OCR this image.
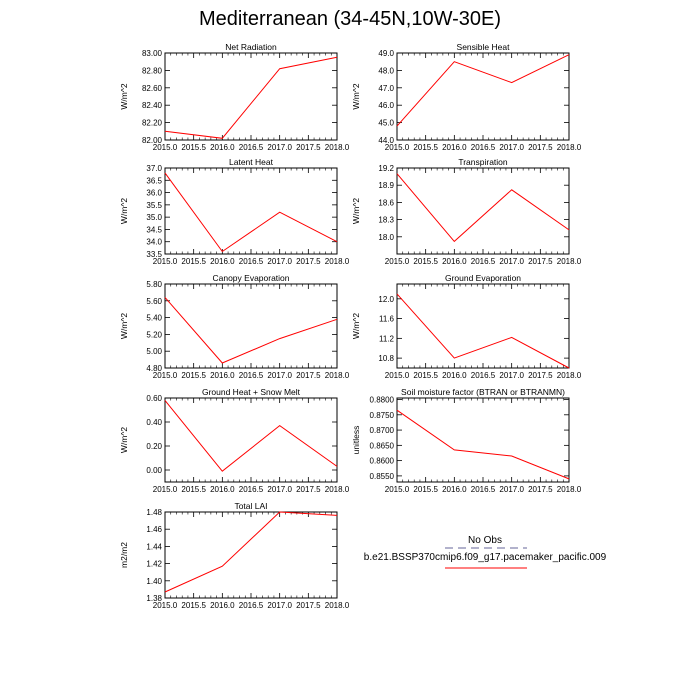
Mediterranean (34-45N,10W-30E)
Net Radiation
W/m^2
2015.0 2015.5 2016.0 2016.5 2017.0 2017.5 2018.0
82.00
82.20
82.40
82.60
82.80
83.00
Sensible Heat
W/m^2
2015.0 2015.5 2016.0 2016.5 2017.0 2017.5 2018.0
44.0
45.0
46.0
47.0
48.0
49.0
Latent Heat
W/m^2
2015.0 2015.5 2016.0 2016.5 2017.0 2017.5 2018.0
33.5
34.0
34.5
35.0
35.5
36.0
36.5
37.0
Transpiration
W/m^2
2015.0 2015.5 2016.0 2016.5 2017.0 2017.5 2018.0
18.0
18.3
18.6
18.9
19.2
Canopy Evaporation
W/m^2
2015.0 2015.5 2016.0 2016.5 2017.0 2017.5 2018.0
4.80
5.00
5.20
5.40
5.60
5.80
Ground Evaporation
W/m^2
2015.0 2015.5 2016.0 2016.5 2017.0 2017.5 2018.0
10.8
11.2
11.6
12.0
Ground Heat + Snow Melt
W/m^2
2015.0 2015.5 2016.0 2016.5 2017.0 2017.5 2018.0
0.00
0.20
0.40
0.60
Soil moisture factor (BTRAN or BTRANMN)
unitless
2015.0 2015.5 2016.0 2016.5 2017.0 2017.5 2018.0
0.8550
0.8600
0.8650
0.8700
0.8750
0.8800
Total LAI
m2/m2
2015.0 2015.5 2016.0 2016.5 2017.0 2017.5 2018.0
1.38
1.40
1.42
1.44
1.46
1.48
No Obs
b.e21.BSSP370cmip6.f09_g17.pacemaker_pacific.009
